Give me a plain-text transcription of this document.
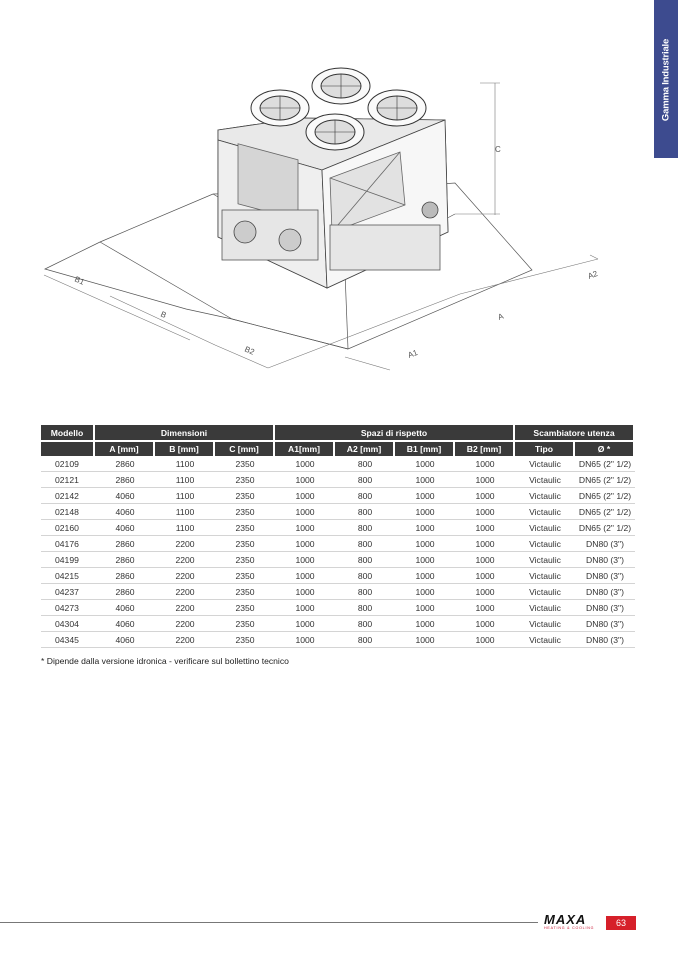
Gamma Industriale
B1
B
B2	A1
A
A2
C
Modello	Dimensioni			Spazi di rispetto				Scambiatore utenza	
	A [mm]	B [mm]	C [mm]	A1[mm]	A2 [mm]	B1 [mm]	B2 [mm]	Tipo	Ø *
02109	2860	1100	2350	1000	800	1000	1000	Victaulic	DN65 (2" 1/2)
02121	2860	1100	2350	1000	800	1000	1000	Victaulic	DN65 (2" 1/2)
02142	4060	1100	2350	1000	800	1000	1000	Victaulic	DN65 (2" 1/2)
02148	4060	1100	2350	1000	800	1000	1000	Victaulic	DN65 (2" 1/2)
02160	4060	1100	2350	1000	800	1000	1000	Victaulic	DN65 (2" 1/2)
04176	2860	2200	2350	1000	800	1000	1000	Victaulic	DN80 (3")
04199	2860	2200	2350	1000	800	1000	1000	Victaulic	DN80 (3")
04215	2860	2200	2350	1000	800	1000	1000	Victaulic	DN80 (3")
04237	2860	2200	2350	1000	800	1000	1000	Victaulic	DN80 (3")
04273	4060	2200	2350	1000	800	1000	1000	Victaulic	DN80 (3")
04304	4060	2200	2350	1000	800	1000	1000	Victaulic	DN80 (3")
04345	4060	2200	2350	1000	800	1000	1000	Victaulic	DN80 (3")
* Dipende dalla versione idronica - verificare sul bollettino tecnico
MAXA
HEATING & COOLING	63
